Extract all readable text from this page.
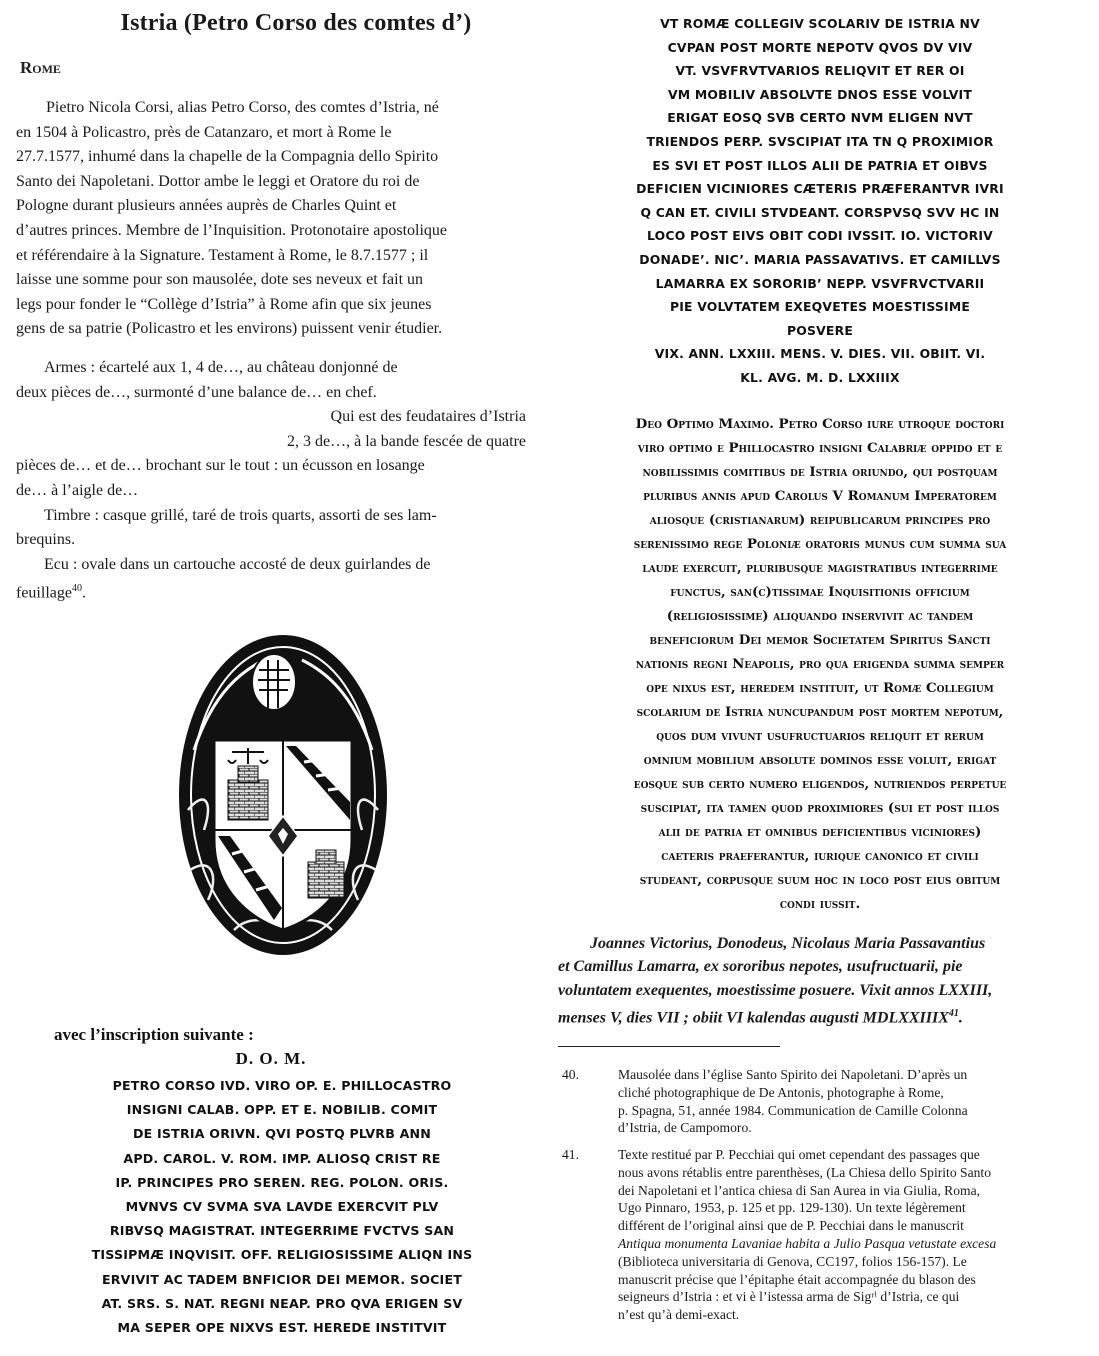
Istria (Petro Corso des comtes d’)
Rome
Pietro Nicola Corsi, alias Petro Corso, des comtes d’Istria, né
en 1504 à Policastro, près de Catanzaro, et mort à Rome le
27.7.1577, inhumé dans la chapelle de la Compagnia dello Spirito
Santo dei Napoletani. Dottor ambe le leggi et Oratore du roi de
Pologne durant plusieurs années auprès de Charles Quint et
d’autres princes. Membre de l’Inquisition. Protonotaire apostolique
et référendaire à la Signature. Testament à Rome, le 8.7.1577 ; il
laisse une somme pour son mausolée, dote ses neveux et fait un
legs pour fonder le “Collège d’Istria” à Rome afin que six jeunes
gens de sa patrie (Policastro et les environs) puissent venir étudier.
Armes : écartelé aux 1, 4 de…, au château donjonné de
deux pièces de…, surmonté d’une balance de… en chef.
Qui est des feudataires d’Istria
2, 3 de…, à la bande fescée de quatre
pièces de… et de… brochant sur le tout : un écusson en losange
de… à l’aigle de…
Timbre : casque grillé, taré de trois quarts, assorti de ses lam-
brequins.
Ecu : ovale dans un cartouche accosté de deux guirlandes de
feuillage$^{40}$.
avec l’inscription suivante :
D. O. M.
PETRO CORSO IVD. VIRO OP. E. PHILLOCASTRO
INSIGNI CALAB. OPP. ET E. NOBILIB. COMIT
DE ISTRIA ORIVN. QVI POSTQ PLVRB ANN
APD. CAROL. V. ROM. IMP. ALIOSQ CRIST RE
IP. PRINCIPES PRO SEREN. REG. POLON. ORIS.
MVNVS CV SVMA SVA LAVDE EXERCVIT PLV
RIBVSQ MAGISTRAT. INTEGERRIME FVCTVS SAN
TISSIPMÆ INQVISIT. OFF. RELIGIOSISSIME ALIQN INS
ERVIVIT AC TADEM BNFICIOR DEI MEMOR. SOCIET
AT. SRS. S. NAT. REGNI NEAP. PRO QVA ERIGEN SV
MA SEPER OPE NIXVS EST. HEREDE INSTITVIT
VT ROMÆ COLLEGIV SCOLARIV DE ISTRIA NV
CVPAN POST MORTE NEPOTV QVOS DV VIV
VT. VSVFRVTVARIOS RELIQVIT ET RER OI
VM MOBILIV ABSOLVTE DNOS ESSE VOLVIT
ERIGAT EOSQ SVB CERTO NVM ELIGEN NVT
TRIENDOS PERP. SVSCIPIAT ITA TN Q PROXIMIOR
ES SVI ET POST ILLOS ALII DE PATRIA ET OIBVS
DEFICIEN VICINIORES CÆTERIS PRÆFERANTVR IVRI
Q CAN ET. CIVILI STVDEANT. CORSPVSQ SVV HC IN
LOCO POST EIVS OBIT CODI IVSSIT. IO. VICTORIV
DONADE’. NIC’. MARIA PASSAVATIVS. ET CAMILLVS
LAMARRA EX SORORIB’ NEPP. VSVFRVCTVARII
PIE VOLVTATEM EXEQVETES MOESTISSIME
POSVERE
VIX. ANN. LXXIII. MENS. V. DIES. VII. OBIIT. VI.
KL. AVG. M. D. LXXIIIX
Deo Optimo Maximo. Petro Corso iure utroque doctori
viro optimo e Phillocastro insigni Calabriæ oppido et e
nobilissimis comitibus de Istria oriundo, qui postquam
pluribus annis apud Carolus V Romanum Imperatorem
aliosque (cristianarum) reipublicarum principes pro
serenissimo rege Poloniæ oratoris munus cum summa sua
laude exercuit, pluribusque magistratibus integerrime
functus, san(c)tissimae Inquisitionis officium
(religiosissime) aliquando inservivit ac tandem
beneficiorum Dei memor Societatem Spiritus Sancti
nationis regni Neapolis, pro qua erigenda summa semper
ope nixus est, heredem instituit, ut Romæ Collegium
scolarium de Istria nuncupandum post mortem nepotum,
quos dum vivunt usufructuarios reliquit et rerum
omnium mobilium absolute dominos esse voluit, erigat
eosque sub certo numero eligendos, nutriendos perpetue
suscipiat, ita tamen quod proximiores (sui et post illos
alii de patria et omnibus deficientibus viciniores)
caeteris praeferantur, iurique canonico et civili
studeant, corpusque suum hoc in loco post eius obitum
condi iussit.
Joannes Victorius, Donodeus, Nicolaus Maria Passavantius
et Camillus Lamarra, ex sororibus nepotes, usufructuarii, pie
voluntatem exequentes, moestissime posuere. Vixit annos LXXIII,
menses V, dies VII ; obiit VI kalendas augusti MDLXXIIIX$^{41}$.
40.	Mausolée dans l’église Santo Spirito dei Napoletani. D’après un
cliché photographique de De Antonis, photographe à Rome,
p. Spagna, 51, année 1984. Communication de Camille Colonna
d’Istria, de Campomoro.
41.	Texte restitué par P. Pecchiai qui omet cependant des passages que
nous avons rétablis entre parenthèses, (La Chiesa dello Spirito Santo
dei Napoletani et l’antica chiesa di San Aurea in via Giulia, Roma,
Ugo Pinnaro, 1953, p. 125 et pp. 129-130). Un texte légèrement
différent de l’original ainsi que de P. Pecchiai dans le manuscrit
Antiqua monumenta Lavaniae habita a Julio Pasqua vetustate excesa
(Biblioteca universitaria di Genova, CC197, folios 156-157). Le
manuscrit précise que l’épitaphe était accompagnée du blason des
seigneurs d’Istria : et vi è l’istessa arma de Sigʳⁱ d’Istria, ce qui
n’est qu’à demi-exact.
